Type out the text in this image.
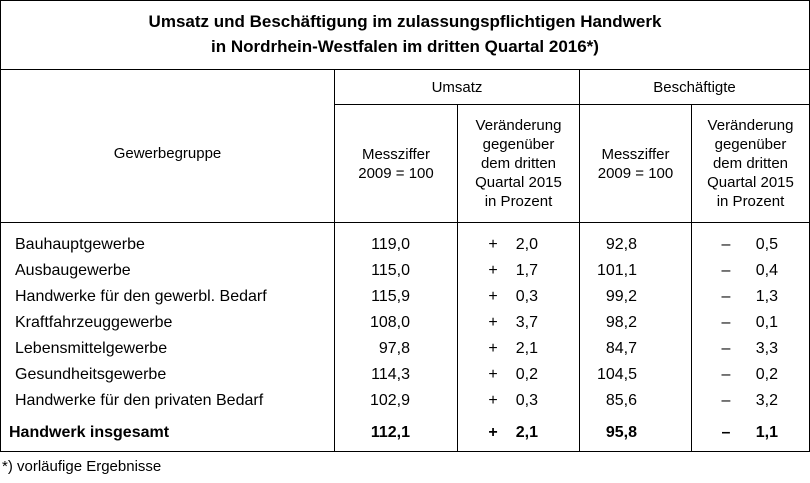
Umsatz und Beschäftigung im zulassungspflichtigen Handwerk
in Nordrhein-Westfalen im dritten Quartal 2016*)
Gewerbegruppe
Umsatz	Beschäftigte
Messziffer
2009 = 100
Veränderung
gegenüber
dem dritten
Quartal 2015
in Prozent
Messziffer
2009 = 100
Veränderung
gegenüber
dem dritten
Quartal 2015
in Prozent
Bauhauptgewerbe	119,0	+	2,0	92,8	–	0,5
Ausbaugewerbe	115,0	+	1,7	101,1	–	0,4
Handwerke für den gewerbl. Bedarf	115,9	+	0,3	99,2	–	1,3
Kraftfahrzeuggewerbe	108,0	+	3,7	98,2	–	0,1
Lebensmittelgewerbe	97,8	+	2,1	84,7	–	3,3
Gesundheitsgewerbe	114,3	+	0,2	104,5	–	0,2
Handwerke für den privaten Bedarf	102,9	+	0,3	85,6	–	3,2
Handwerk insgesamt	112,1	+	2,1	95,8	–	1,1
*) vorläufige Ergebnisse
